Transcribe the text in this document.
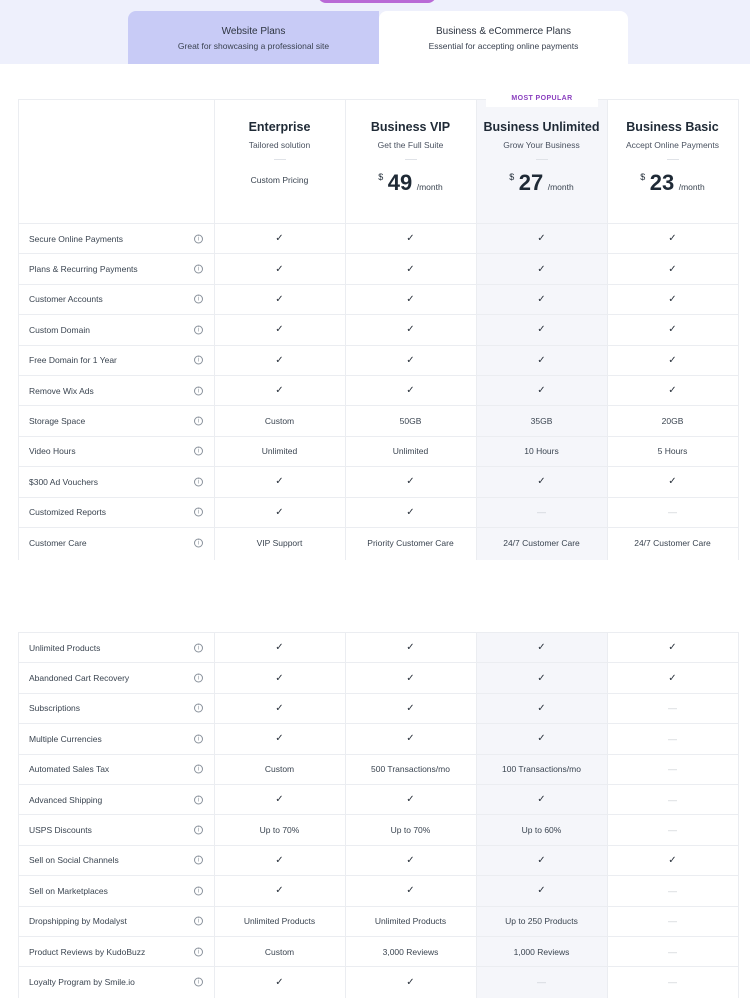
Website Plans
Great for showcasing a professional site
Business & eCommerce Plans
Essential for accepting online payments
Enterprise
Tailored solution
Custom Pricing
Business VIP
Get the Full Suite
$ 49 /month
Business Unlimited
Grow Your Business
$ 27 /month
Business Basic
Accept Online Payments
$ 23 /month
Secure Online Payments	i	✓	✓	✓	✓
Plans & Recurring Payments	i	✓	✓	✓	✓
Customer Accounts	i	✓	✓	✓	✓
Custom Domain	i	✓	✓	✓	✓
Free Domain for 1 Year	i	✓	✓	✓	✓
Remove Wix Ads	i	✓	✓	✓	✓
Storage Space	i	Custom	50GB	35GB	20GB
Video Hours	i	Unlimited	Unlimited	10 Hours	5 Hours
$300 Ad Vouchers	i	✓	✓	✓	✓
Customized Reports	i	✓	✓	—	—
Customer Care	i	VIP Support	Priority Customer Care	24/7 Customer Care	24/7 Customer Care
MOST POPULAR
Unlimited Products	i	✓	✓	✓	✓
Abandoned Cart Recovery	i	✓	✓	✓	✓
Subscriptions	i	✓	✓	✓	—
Multiple Currencies	i	✓	✓	✓	—
Automated Sales Tax	i	Custom	500 Transactions/mo	100 Transactions/mo	—
Advanced Shipping	i	✓	✓	✓	—
USPS Discounts	i	Up to 70%	Up to 70%	Up to 60%	—
Sell on Social Channels	i	✓	✓	✓	✓
Sell on Marketplaces	i	✓	✓	✓	—
Dropshipping by Modalyst	i	Unlimited Products	Unlimited Products	Up to 250 Products	—
Product Reviews by KudoBuzz	i	Custom	3,000 Reviews	1,000 Reviews	—
Loyalty Program by Smile.io	i	✓	✓	—	—
